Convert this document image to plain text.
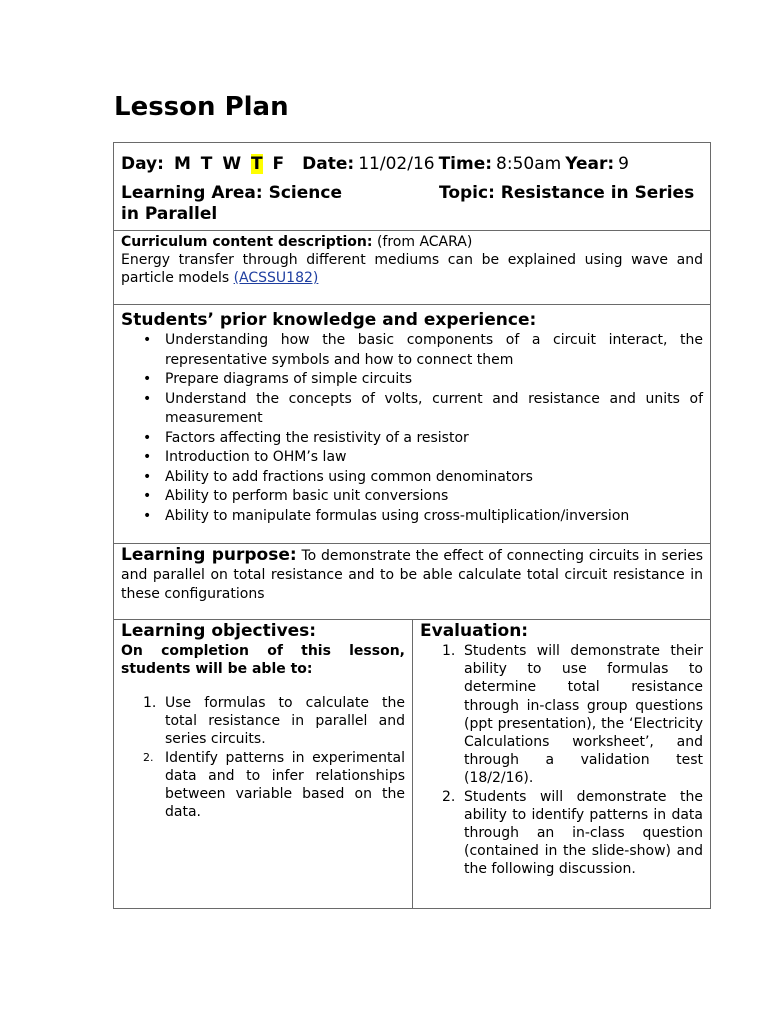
Lesson Plan
Day: M T W T F Date: 11/02/16 Time: 8:50am Year: 9
Learning Area: Science
in Parallel
Topic: Resistance in Series
Curriculum content description: (from ACARA)
Energy transfer through different mediums can be explained using wave and particle models (ACSSU182)
Students’ prior knowledge and experience:
• Understanding how the basic components of a circuit interact, the representative symbols and how to connect them
• Prepare diagrams of simple circuits
• Understand the concepts of volts, current and resistance and units of measurement
• Factors affecting the resistivity of a resistor
• Introduction to OHM’s law
• Ability to add fractions using common denominators
• Ability to perform basic unit conversions
• Ability to manipulate formulas using cross-multiplication/inversion
Learning purpose: To demonstrate the effect of connecting circuits in series and parallel on total resistance and to be able calculate total circuit resistance in these configurations
Learning objectives:
On completion of this lesson,
students will be able to:
1. Use formulas to calculate the total resistance in parallel and series circuits.
2. Identify patterns in experimental data and to infer relationships between variable based on the data.
Evaluation:
1. Students will demonstrate their ability to use formulas to determine total resistance through in-class group questions (ppt presentation), the ‘Electricity Calculations worksheet’, and through a validation test (18/2/16).
2. Students will demonstrate the ability to identify patterns in data through an in-class question (contained in the slide-show) and the following discussion.
